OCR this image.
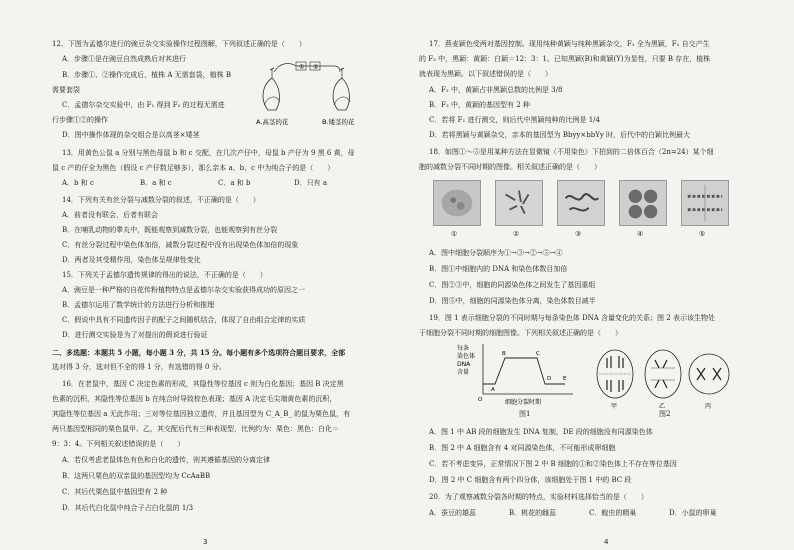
12．下图为孟德尔进行的豌豆杂交实验操作过程图解，下列叙述正确的是（　　）
A．步骤①是在豌豆自然成熟后对其进行
B．步骤①、②操作完成后，植株 A 无需套袋，植株 B
需要套袋
C．孟德尔杂交实验中，由 F₁ 得到 F₂ 的过程无需进
行步骤①②的操作
D．图中操作体现的杂交组合是以高茎×矮茎
① ②
A.高茎的花	B.矮茎的花
13．用黄色公鼠 a 分别与黑色母鼠 b 和 c 交配，在几次产仔中，母鼠 b 产仔为 9 黑 6 黄，母
鼠 c 产的仔全为黑色（假设 c 产仔数足够多），那么亲本 a、b、c 中为纯合子的是（　　）
A．b 和 c	B．a 和 c	C．a 和 b	D．只有 a
14．下列有关有丝分裂与减数分裂的叙述，不正确的是（　　）
A．前者没有联会，后者有联会
B．在哺乳动物的睾丸中，既能观察到减数分裂，也能观察到有丝分裂
C．有丝分裂过程中染色体加倍，减数分裂过程中没有出现染色体加倍的现象
D．两者及其受精作用，染色体呈规律性变化
15．下列关于孟德尔遗传规律的得出的说法，不正确的是（　　）
A．豌豆是一种严格的自花传粉植物特点是孟德尔杂交实验获得成功的原因之一
B．孟德尔运用了数学统计的方法进行分析和推理
C．假说中具有不同遗传因子的配子之间随机结合，体现了自由组合定律的实质
D．进行测交实验是为了对提出的假说进行验证
二、多选题：本题共 5 小题，每小题 3 分，共 15 分。每小题有多个选项符合题目要求，全部
选对得 3 分，选对但不全的得 1 分，有选错的得 0 分。
16．在老鼠中，基因 C 决定色素的形成，其隐性等位基因 c 则为白化基因；基因 B 决定黑
色素的沉积，其隐性等位基因 b 在纯合时导致棕色表现；基因 A 决定毛尖端黄色素的沉积，
其隐性等位基因 a 无此作用；三对等位基因独立遗传，并且基因型为 C_A_B_ 的鼠为栗色鼠，有
两只基因型相同的栗色鼠甲、乙，其交配后代有三种表现型，比例约为：栗色：黑色：白化＝
9：3：4。下列相关叙述错误的是（　　）
A．若仅考虑老鼠体色有色和白化的遗传，则其遵循基因的分离定律
B．这两只栗色的双亲鼠的基因型均为 CcAaBB
C．其后代栗色鼠中基因型有 2 种
D．其后代白化鼠中纯合子占白化鼠的 1/3
3
17．燕麦颖色受两对基因控制。现用纯种黄颖与纯种黑颖杂交，F₁ 全为黑颖，F₁ 自交产生
的 F₂ 中，黑颖：黄颖：白颖＝12：3：1。已知黑颖(B)和黄颖(Y)为显性，只要 B 存在，植株
就表现为黑颖。以下叙述错误的是（　　）
A．F₂ 中，黄颖占非黑颖总数的比例是 3/8
B．F₂ 中，黄颖的基因型有 2 种
C．若将 F₁ 进行测交，则后代中黑颖纯种的比例是 1/4
D．若将黑颖与黄颖杂交，亲本的基因型为 Bbyy×bbYy 时，后代中的白颖比例最大
18．如图①～⑤是用某种方法在显微镜（不用染色）下拍到的二倍体百合（2n=24）某个细
胞的减数分裂不同时期的图像。相关叙述正确的是（　　）
①	②	③	④	⑤
A．图中细胞分裂顺序为①→③→②→⑤→④
B．图①中细胞内的 DNA 和染色体数目加倍
C．图②③中，细胞的同源染色体之间发生了基因重组
D．图⑤中，细胞的同源染色体分离，染色体数目减半
19．图 1 表示细胞分裂的不同时期与每条染色体 DNA 含量变化的关系；图 2 表示该生物处
于细胞分裂不同时期的细胞图像。下列相关叙述正确的是（　　）
每条
染色体
DNA
含量
O
A
B	C
D E
细胞分裂时期
图1
甲	乙	丙
图2
A．图 1 中 AB 段的细胞发生 DNA 复制，DE 段的细胞没有同源染色体
B．图 2 中 A 细胞含有 4 对同源染色体，不可能形成卵细胞
C．若不考虑变异，正常情况下图 2 中 B 细胞的①和②染色体上不存在等位基因
D．图 2 中 C 细胞含有两个四分体，该细胞处于图 1 中的 BC 段
20．为了观察减数分裂各时期的特点，实验材料选择恰当的是（　　）
A．蚕豆的雄蕊	B．桃花的雌蕊	C．蝗虫的精巢	D．小鼠的卵巢
4
